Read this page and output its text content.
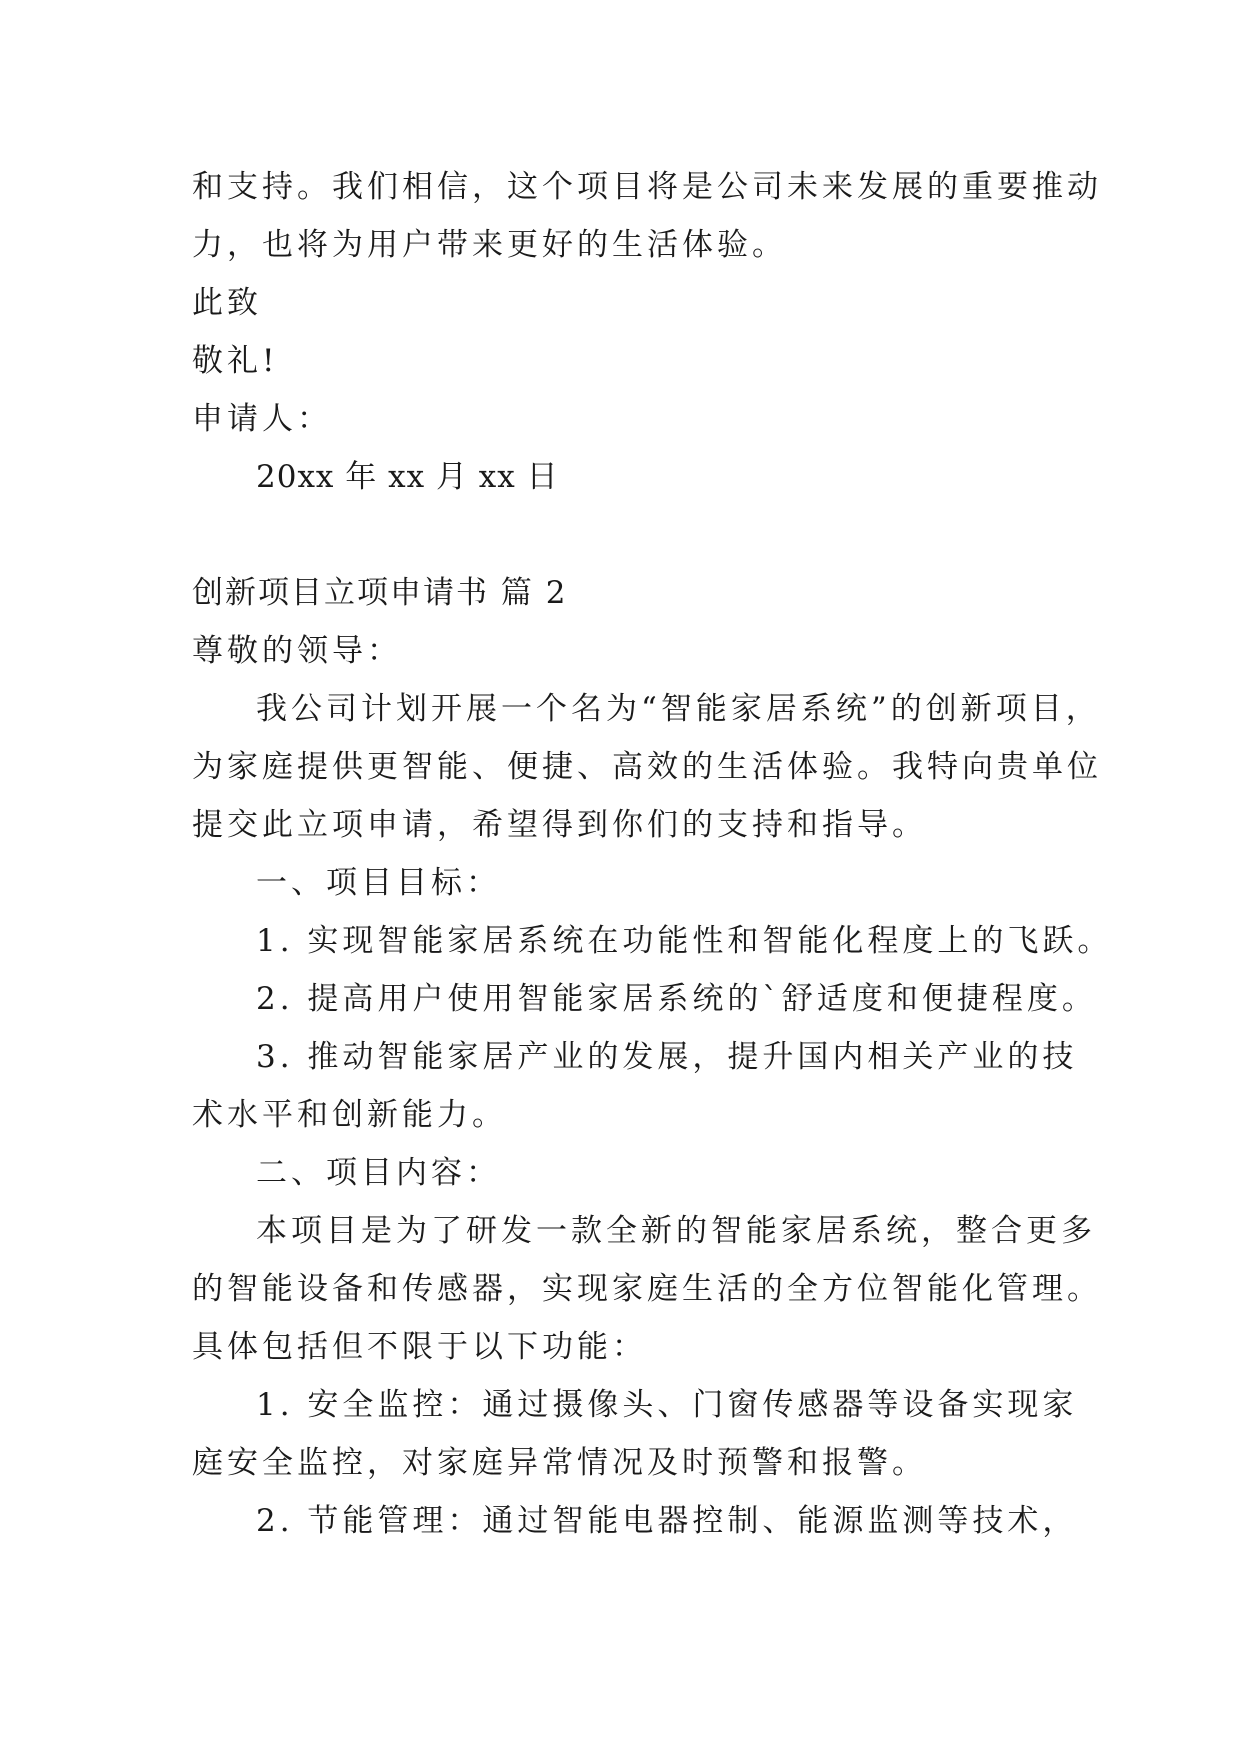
和支持。我们相信，这个项目将是公司未来发展的重要推动
力，也将为用户带来更好的生活体验。
此致
敬礼!
申请人：
20xx 年 xx 月 xx 日
创新项目立项申请书 篇 2
尊敬的领导：
我公司计划开展一个名为“智能家居系统”的创新项目，
为家庭提供更智能、便捷、高效的生活体验。我特向贵单位
提交此立项申请，希望得到你们的支持和指导。
一、项目目标：
1. 实现智能家居系统在功能性和智能化程度上的飞跃。
2. 提高用户使用智能家居系统的`舒适度和便捷程度。
3. 推动智能家居产业的发展，提升国内相关产业的技
术水平和创新能力。
二、项目内容：
本项目是为了研发一款全新的智能家居系统，整合更多
的智能设备和传感器，实现家庭生活的全方位智能化管理。
具体包括但不限于以下功能：
1. 安全监控：通过摄像头、门窗传感器等设备实现家
庭安全监控，对家庭异常情况及时预警和报警。
2. 节能管理：通过智能电器控制、能源监测等技术，
